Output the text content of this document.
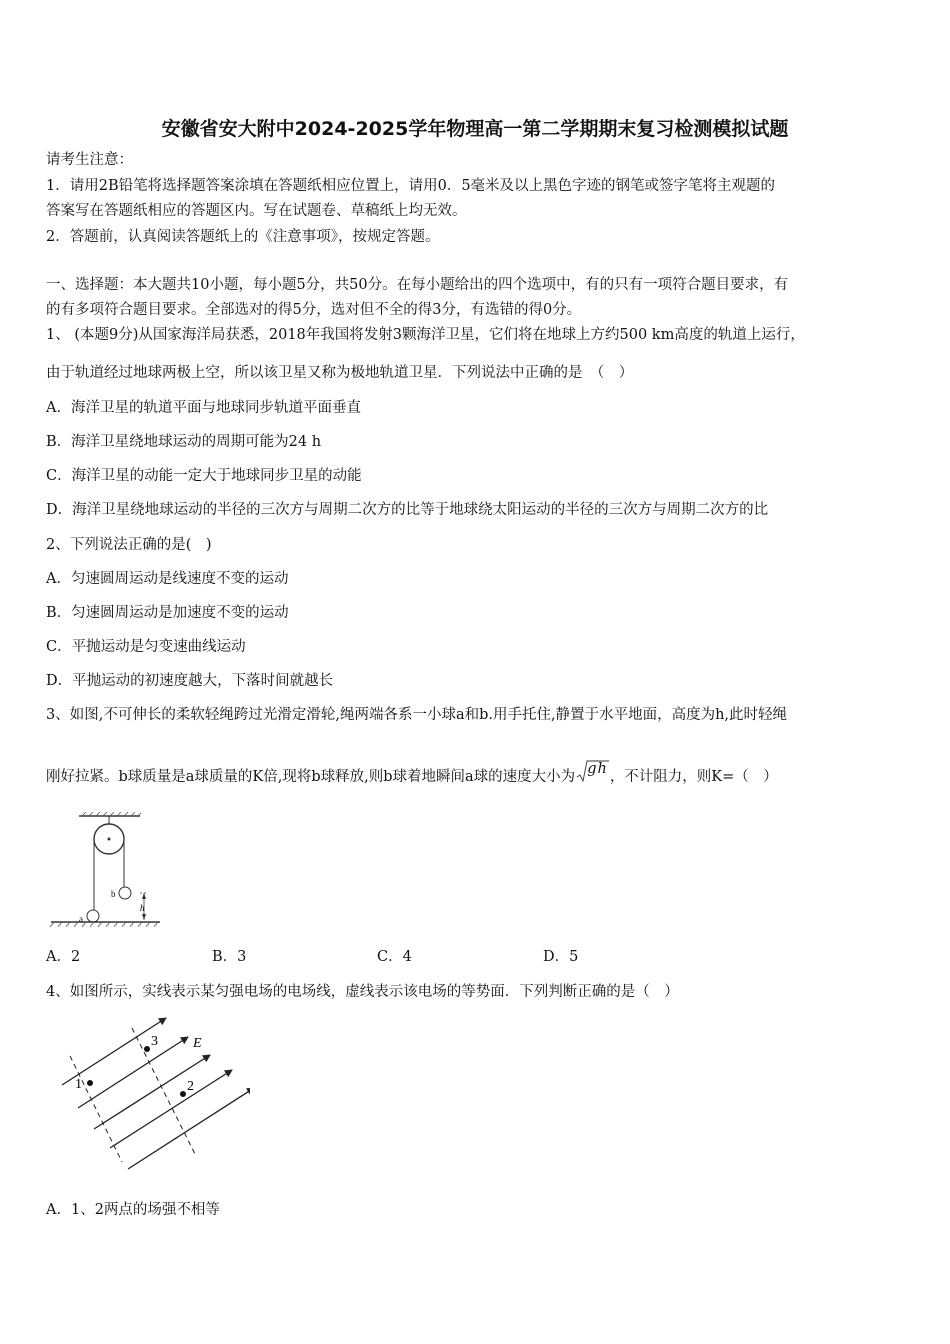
安徽省安大附中2024-2025学年物理高一第二学期期末复习检测模拟试题
请考生注意：
1．请用2B铅笔将选择题答案涂填在答题纸相应位置上，请用0．5毫米及以上黑色字迹的钢笔或签字笔将主观题的
答案写在答题纸相应的答题区内。写在试题卷、草稿纸上均无效。
2．答题前，认真阅读答题纸上的《注意事项》，按规定答题。
一、选择题：本大题共10小题，每小题5分，共50分。在每小题给出的四个选项中，有的只有一项符合题目要求，有
的有多项符合题目要求。全部选对的得5分，选对但不全的得3分，有选错的得0分。
1、 (本题9分)从国家海洋局获悉，2018年我国将发射3颗海洋卫星，它们将在地球上方约500 km高度的轨道上运行，
由于轨道经过地球两极上空，所以该卫星又称为极地轨道卫星．下列说法中正确的是　（　）
A．海洋卫星的轨道平面与地球同步轨道平面垂直
B．海洋卫星绕地球运动的周期可能为24 h
C．海洋卫星的动能一定大于地球同步卫星的动能
D．海洋卫星绕地球运动的半径的三次方与周期二次方的比等于地球绕太阳运动的半径的三次方与周期二次方的比
2、下列说法正确的是(　)
A．匀速圆周运动是线速度不变的运动
B．匀速圆周运动是加速度不变的运动
C．平抛运动是匀变速曲线运动
D．平抛运动的初速度越大，下落时间就越长
3、如图,不可伸长的柔软轻绳跨过光滑定滑轮,绳两端各系一小球a和b.用手托住,静置于水平地面，高度为h,此时轻绳
刚好拉紧。b球质量是a球质量的K倍,现将b球释放,则b球着地瞬间a球的速度大小为 gh ，不计阻力，则K=（　）
b
h
a
A．2	B．3	C．4	D．5
4、如图所示，实线表示某匀强电场的电场线，虚线表示该电场的等势面．下列判断正确的是（　）
1	2
3	E
A．1、2两点的场强不相等
